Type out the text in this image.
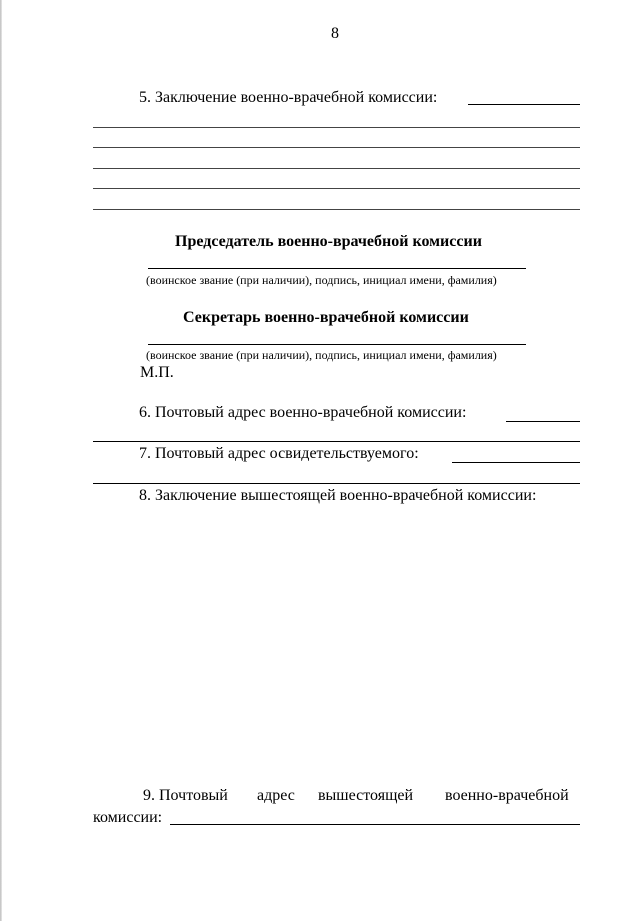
8
5. Заключение военно-врачебной комиссии:
Председатель военно-врачебной комиссии
(воинское звание (при наличии), подпись, инициал имени, фамилия)
Секретарь военно-врачебной комиссии
(воинское звание (при наличии), подпись, инициал имени, фамилия)
М.П.
6. Почтовый адрес военно-врачебной комиссии:
7. Почтовый адрес освидетельствуемого:
8. Заключение вышестоящей военно-врачебной комиссии:
9. Почтовый адрес вышестоящей военно-врачебной
комиссии:
